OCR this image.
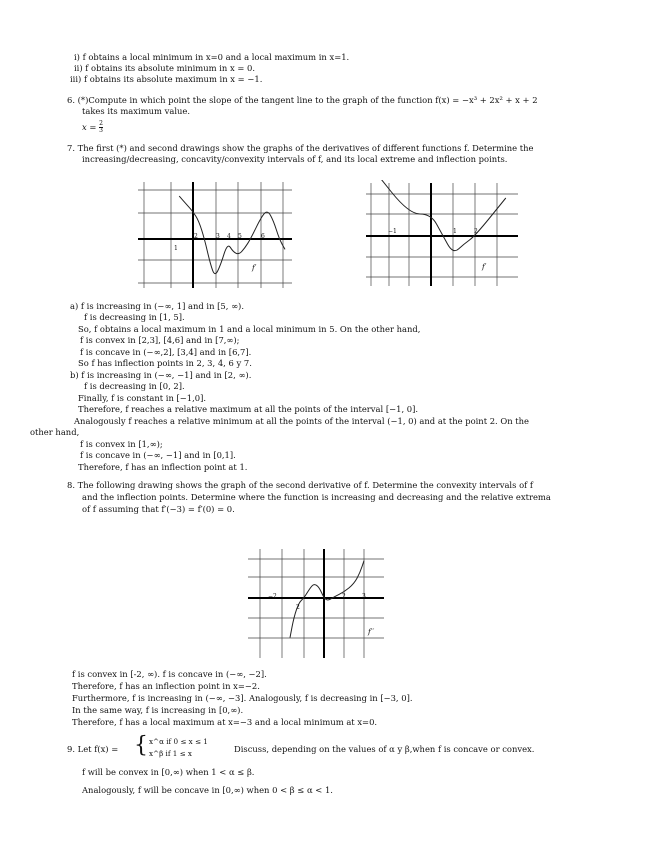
i) f obtains a local minimum in x=0 and a local maximum in x=1.
ii) f obtains its absolute minimum in x = 0.
iii) f obtains its absolute maximum in x = −1.
6. (*)Compute in which point the slope of the tangent line to the graph of the function f(x) = −x³ + 2x² + x + 2
takes its maximum value.
$x = \frac{2}{3}$
7. The first (*) and second drawings show the graphs of the derivatives of different functions f. Determine the
increasing/decreasing, concavity/convexity intervals of f, and its local extreme and inflection points.
1
2	3 4 5	6
f′
−1	1	2
f′
a) f is increasing in (−∞, 1] and in [5, ∞).
f is decreasing in [1, 5].
So, f obtains a local maximum in 1 and a local minimum in 5. On the other hand,
f is convex in [2,3], [4,6] and in [7,∞);
f is concave in (−∞,2], [3,4] and in [6,7].
So f has inflection points in 2, 3, 4, 6 y 7.
b) f is increasing in (−∞, −1] and in [2, ∞).
f is decreasing in [0, 2].
Finally, f is constant in [−1,0].
Therefore, f reaches a relative maximum at all the points of the interval [−1, 0].
Analogously f reaches a relative minimum at all the points of the interval (−1, 0) and at the point 2. On the
other hand,
f is convex in [1,∞);
f is concave in (−∞, −1] and in [0,1].
Therefore, f has an inflection point at 1.
8. The following drawing shows the graph of the second derivative of f. Determine the convexity intervals of f
and the inflection points. Determine where the function is increasing and decreasing and the relative extrema
of f assuming that f′(−3) = f′(0) = 0.
−2	2	3
2
f′′
f is convex in [-2, ∞). f is concave in (−∞, −2].
Therefore, f has an inflection point in x=−2.
Furthermore, f is increasing in (−∞, −3]. Analogously, f is decreasing in [−3, 0].
In the same way, f is increasing in [0,∞).
Therefore, f has a local maximum at x=−3 and a local minimum at x=0.
9. Let f(x) = { x^α if 0 ≤ x ≤ 1
x^β if 1 ≤ x	Discuss, depending on the values of α y β,when f is concave or convex.
f will be convex in [0,∞) when 1 < α ≤ β.
Analogously, f will be concave in [0,∞) when 0 < β ≤ α < 1.
